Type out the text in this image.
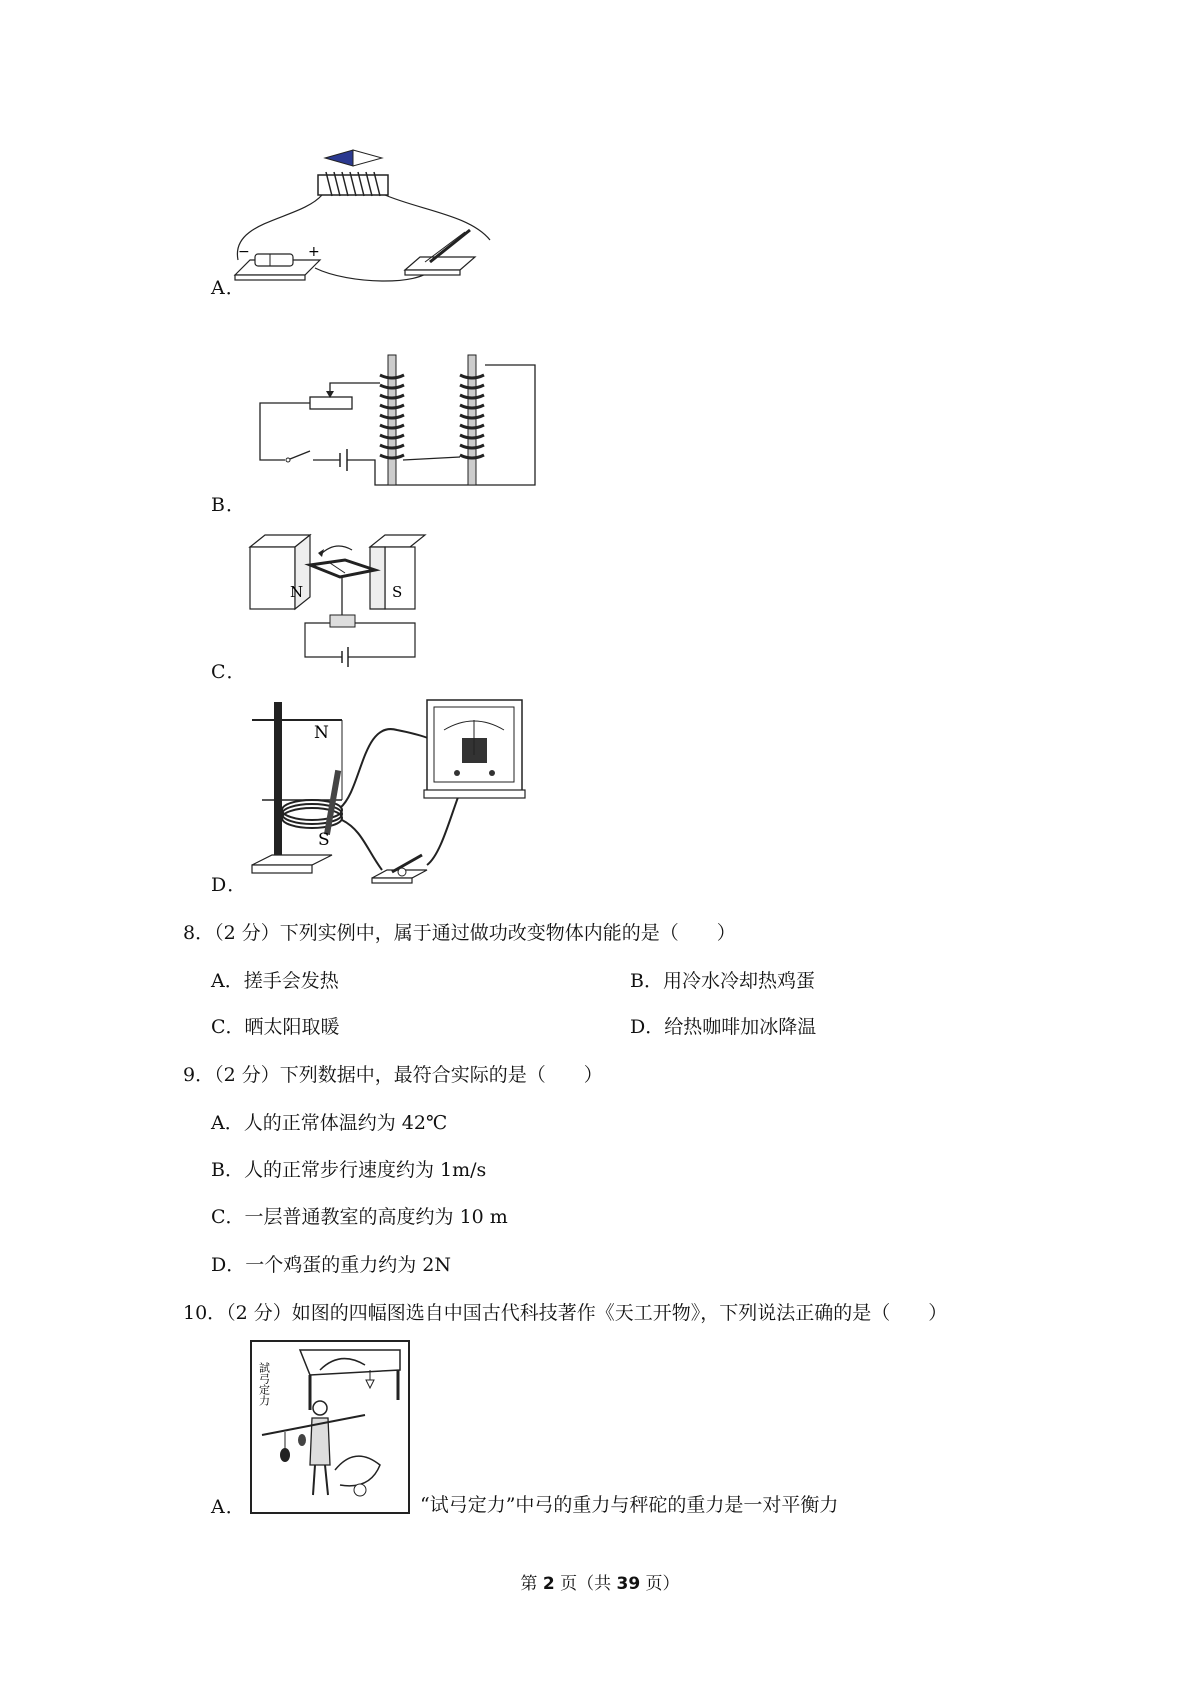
−	+
A．
B．
N	S
C．
N
S
D．
8．（2 分）下列实例中，属于通过做功改变物体内能的是（　　）
A．搓手会发热	B．用冷水冷却热鸡蛋
C．晒太阳取暖	D．给热咖啡加冰降温
9．（2 分）下列数据中，最符合实际的是（　　）
A．人的正常体温约为 42℃
B．人的正常步行速度约为 1m/s
C．一层普通教室的高度约为 10 m
D．一个鸡蛋的重力约为 2N
10．（2 分）如图的四幅图选自中国古代科技著作《天工开物》，下列说法正确的是（　　）
試弓定力
A．	“试弓定力”中弓的重力与秤砣的重力是一对平衡力
第 2 页（共 39 页）
